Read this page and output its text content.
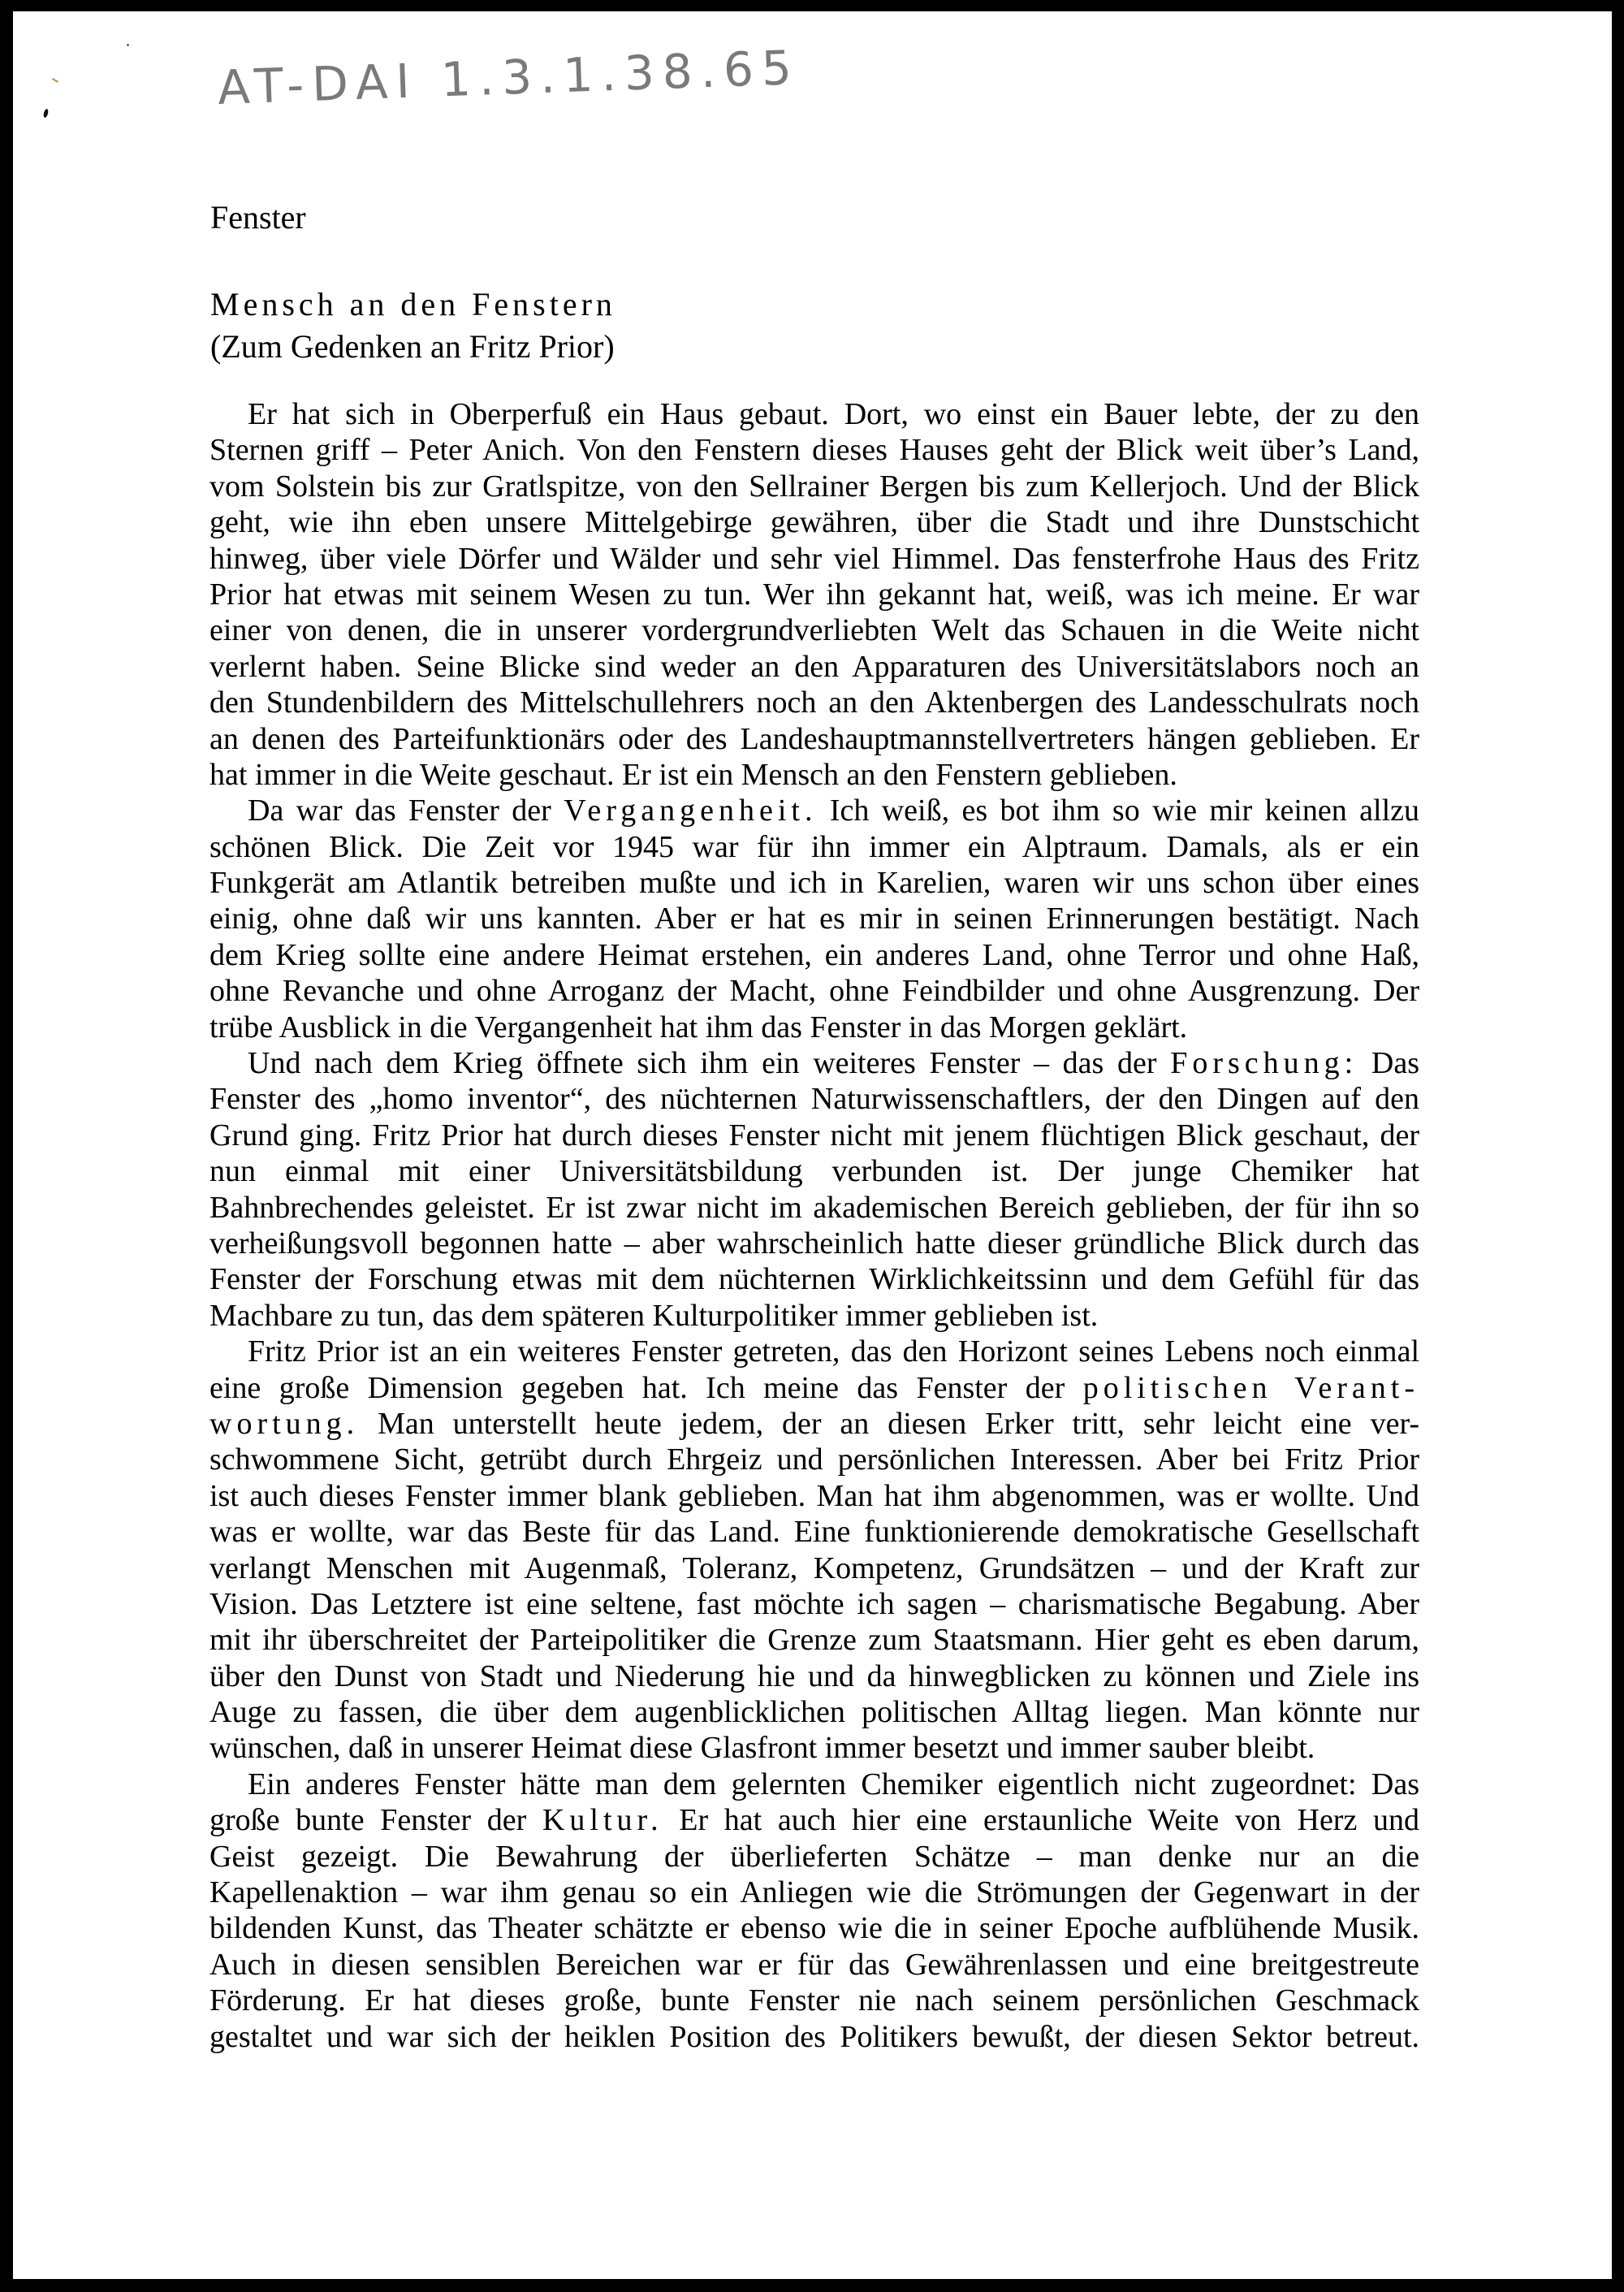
AT-DAI 1.3.1.38.65
Fenster
Mensch an den Fenstern
(Zum Gedenken an Fritz Prior)
Er hat sich in Oberperfuß ein Haus gebaut. Dort, wo einst ein Bauer lebte, der zu den
Sternen griff – Peter Anich. Von den Fenstern dieses Hauses geht der Blick weit über’s Land,
vom Solstein bis zur Gratlspitze, von den Sellrainer Bergen bis zum Kellerjoch. Und der Blick
geht, wie ihn eben unsere Mittelgebirge gewähren, über die Stadt und ihre Dunstschicht
hinweg, über viele Dörfer und Wälder und sehr viel Himmel. Das fensterfrohe Haus des Fritz
Prior hat etwas mit seinem Wesen zu tun. Wer ihn gekannt hat, weiß, was ich meine. Er war
einer von denen, die in unserer vordergrundverliebten Welt das Schauen in die Weite nicht
verlernt haben. Seine Blicke sind weder an den Apparaturen des Universitätslabors noch an
den Stundenbildern des Mittelschullehrers noch an den Aktenbergen des Landesschulrats noch
an denen des Parteifunktionärs oder des Landeshauptmannstellvertreters hängen geblieben. Er
hat immer in die Weite geschaut. Er ist ein Mensch an den Fenstern geblieben.
Da war das Fenster der Vergangenheit. Ich weiß, es bot ihm so wie mir keinen allzu
schönen Blick. Die Zeit vor 1945 war für ihn immer ein Alptraum. Damals, als er ein
Funkgerät am Atlantik betreiben mußte und ich in Karelien, waren wir uns schon über eines
einig, ohne daß wir uns kannten. Aber er hat es mir in seinen Erinnerungen bestätigt. Nach
dem Krieg sollte eine andere Heimat erstehen, ein anderes Land, ohne Terror und ohne Haß,
ohne Revanche und ohne Arroganz der Macht, ohne Feindbilder und ohne Ausgrenzung. Der
trübe Ausblick in die Vergangenheit hat ihm das Fenster in das Morgen geklärt.
Und nach dem Krieg öffnete sich ihm ein weiteres Fenster – das der Forschung: Das
Fenster des „homo inventor“, des nüchternen Naturwissenschaftlers, der den Dingen auf den
Grund ging. Fritz Prior hat durch dieses Fenster nicht mit jenem flüchtigen Blick geschaut, der
nun einmal mit einer Universitätsbildung verbunden ist. Der junge Chemiker hat
Bahnbrechendes geleistet. Er ist zwar nicht im akademischen Bereich geblieben, der für ihn so
verheißungsvoll begonnen hatte – aber wahrscheinlich hatte dieser gründliche Blick durch das
Fenster der Forschung etwas mit dem nüchternen Wirklichkeitssinn und dem Gefühl für das
Machbare zu tun, das dem späteren Kulturpolitiker immer geblieben ist.
Fritz Prior ist an ein weiteres Fenster getreten, das den Horizont seines Lebens noch einmal
eine große Dimension gegeben hat. Ich meine das Fenster der politischen Verant-
wortung. Man unterstellt heute jedem, der an diesen Erker tritt, sehr leicht eine ver-
schwommene Sicht, getrübt durch Ehrgeiz und persönlichen Interessen. Aber bei Fritz Prior
ist auch dieses Fenster immer blank geblieben. Man hat ihm abgenommen, was er wollte. Und
was er wollte, war das Beste für das Land. Eine funktionierende demokratische Gesellschaft
verlangt Menschen mit Augenmaß, Toleranz, Kompetenz, Grundsätzen – und der Kraft zur
Vision. Das Letztere ist eine seltene, fast möchte ich sagen – charismatische Begabung. Aber
mit ihr überschreitet der Parteipolitiker die Grenze zum Staatsmann. Hier geht es eben darum,
über den Dunst von Stadt und Niederung hie und da hinwegblicken zu können und Ziele ins
Auge zu fassen, die über dem augenblicklichen politischen Alltag liegen. Man könnte nur
wünschen, daß in unserer Heimat diese Glasfront immer besetzt und immer sauber bleibt.
Ein anderes Fenster hätte man dem gelernten Chemiker eigentlich nicht zugeordnet: Das
große bunte Fenster der Kultur. Er hat auch hier eine erstaunliche Weite von Herz und
Geist gezeigt. Die Bewahrung der überlieferten Schätze – man denke nur an die
Kapellenaktion – war ihm genau so ein Anliegen wie die Strömungen der Gegenwart in der
bildenden Kunst, das Theater schätzte er ebenso wie die in seiner Epoche aufblühende Musik.
Auch in diesen sensiblen Bereichen war er für das Gewährenlassen und eine breitgestreute
Förderung. Er hat dieses große, bunte Fenster nie nach seinem persönlichen Geschmack
gestaltet und war sich der heiklen Position des Politikers bewußt, der diesen Sektor betreut.
